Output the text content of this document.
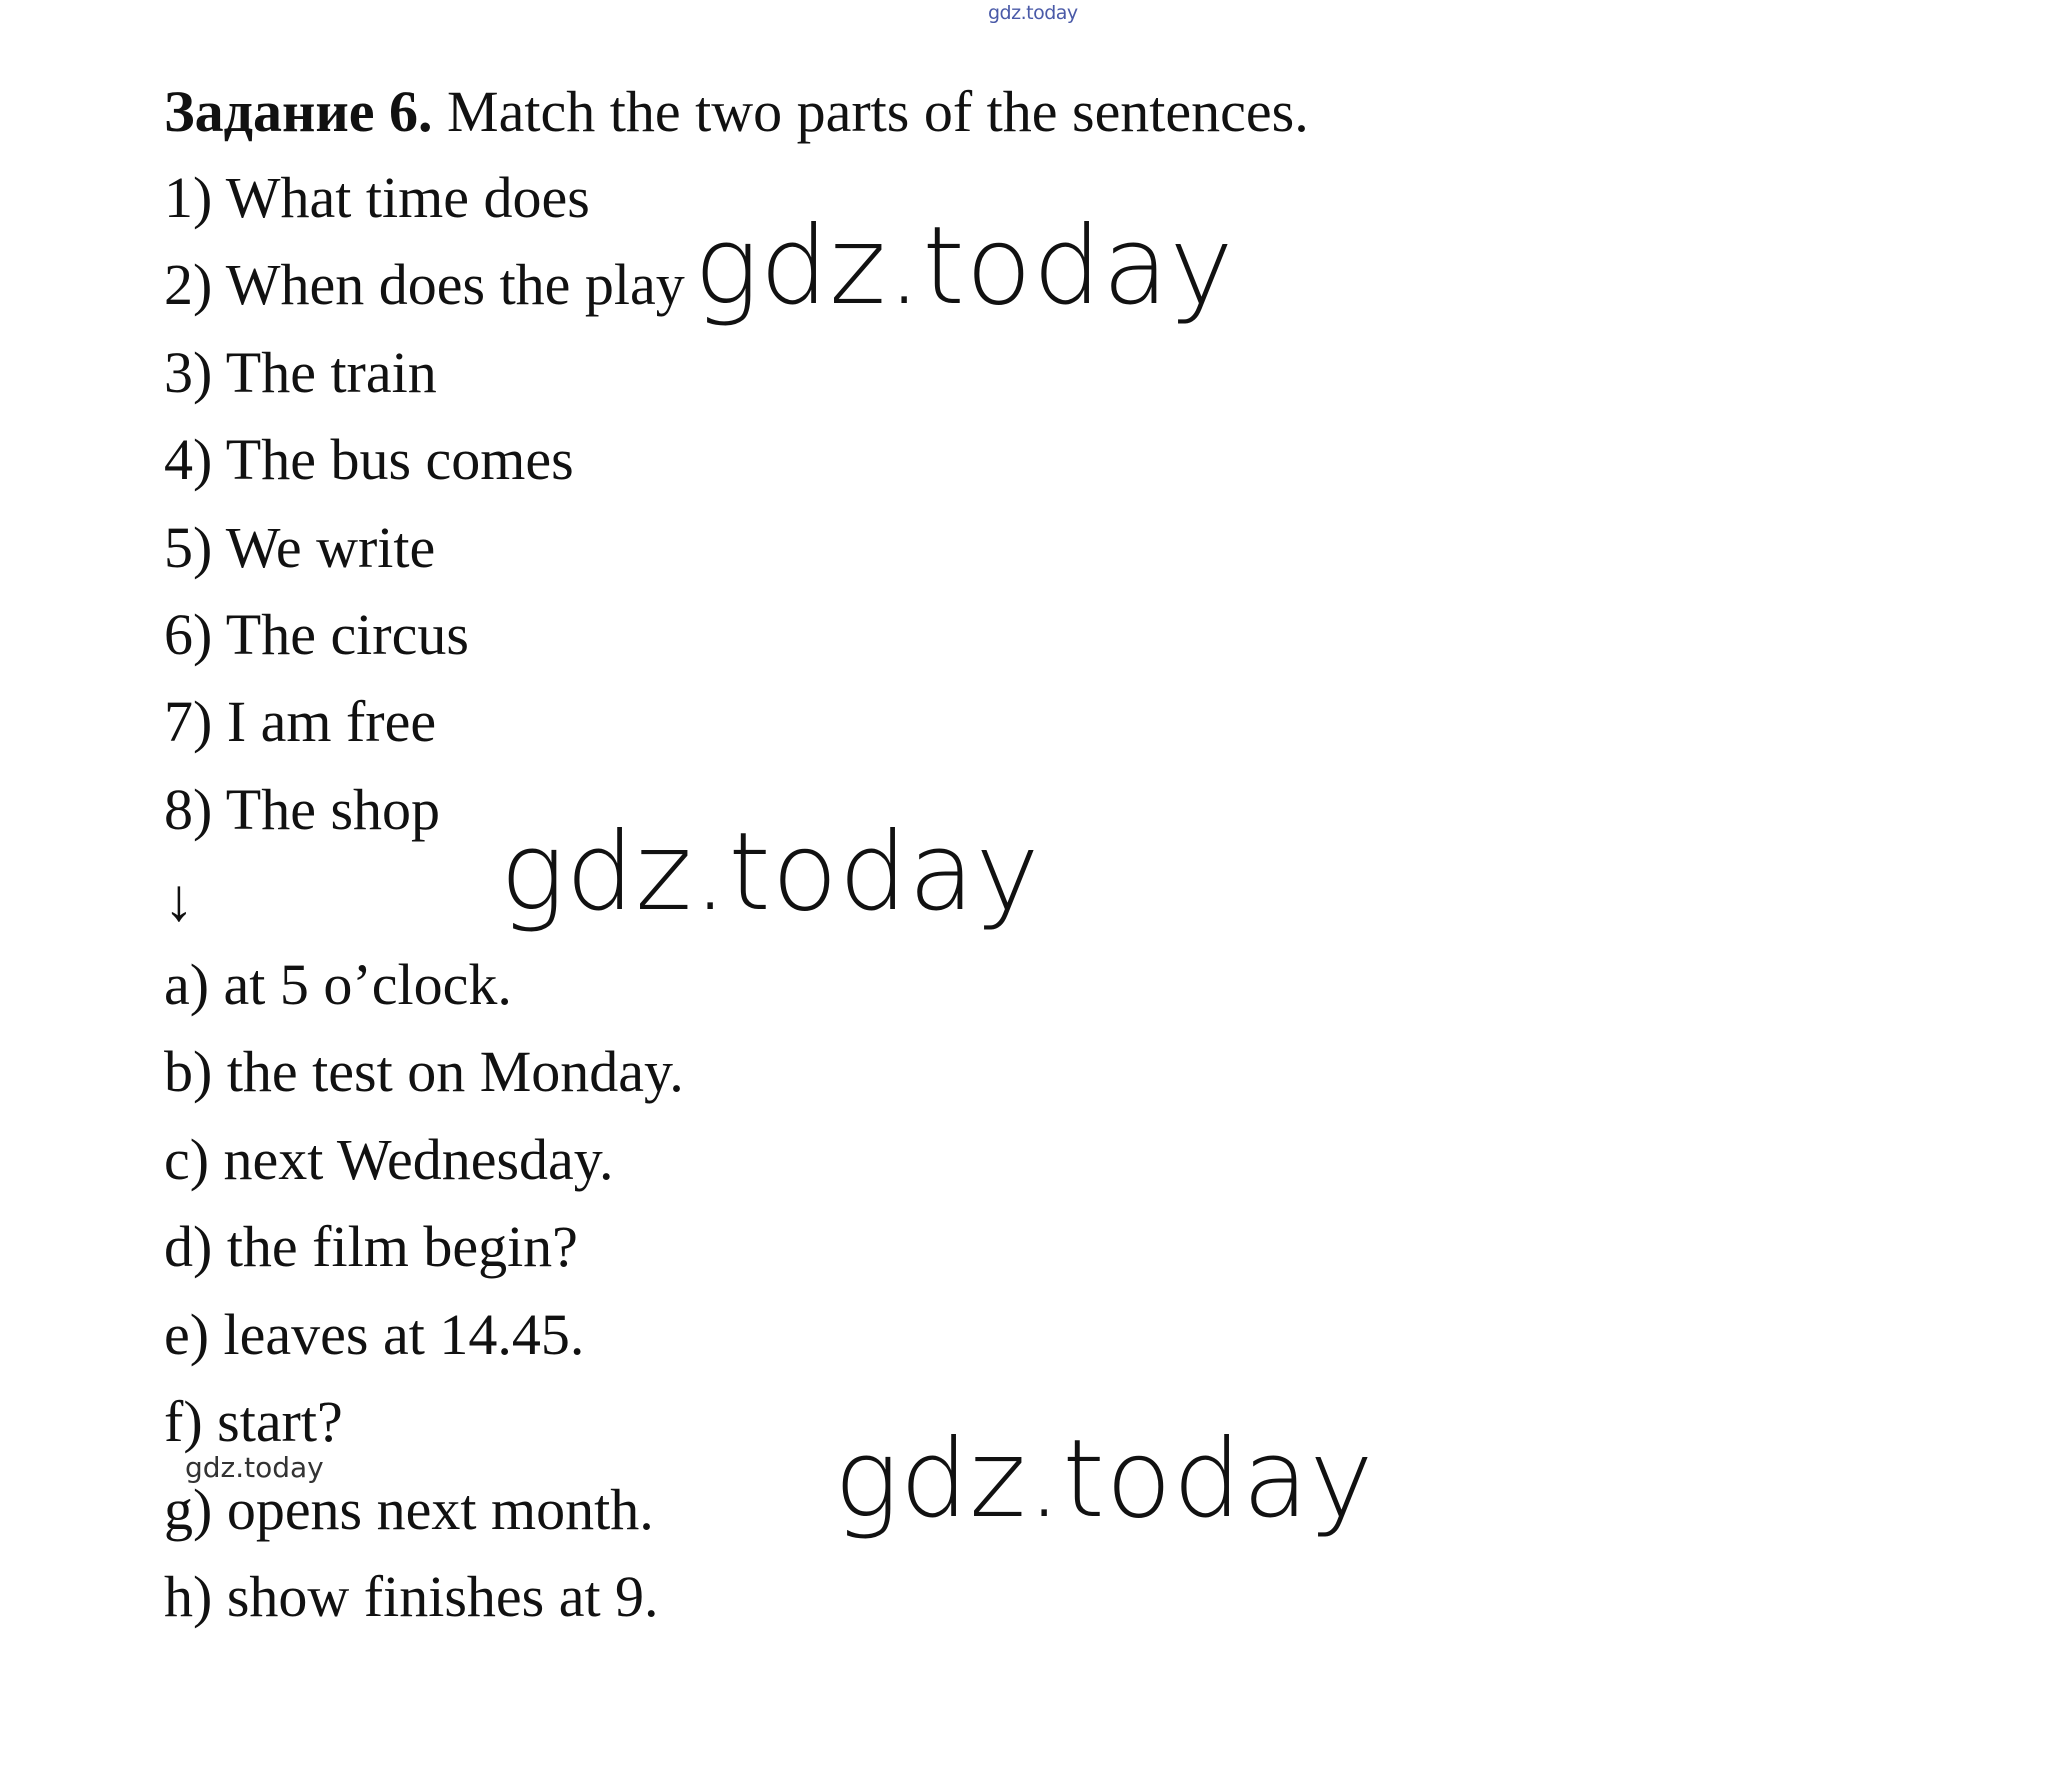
gdz.today
Задание 6. Match the two parts of the sentences.
1) What time does
2) When does the play
3) The train
4) The bus comes
5) We write
6) The circus
7) I am free
8) The shop
↓
a) at 5 o’clock.
b) the test on Monday.
c) next Wednesday.
d) the film begin?
e) leaves at 14.45.
f) start?
g) opens next month.
h) show finishes at 9.
gdz.today
gdz.today
gdz.today
gdz.today
